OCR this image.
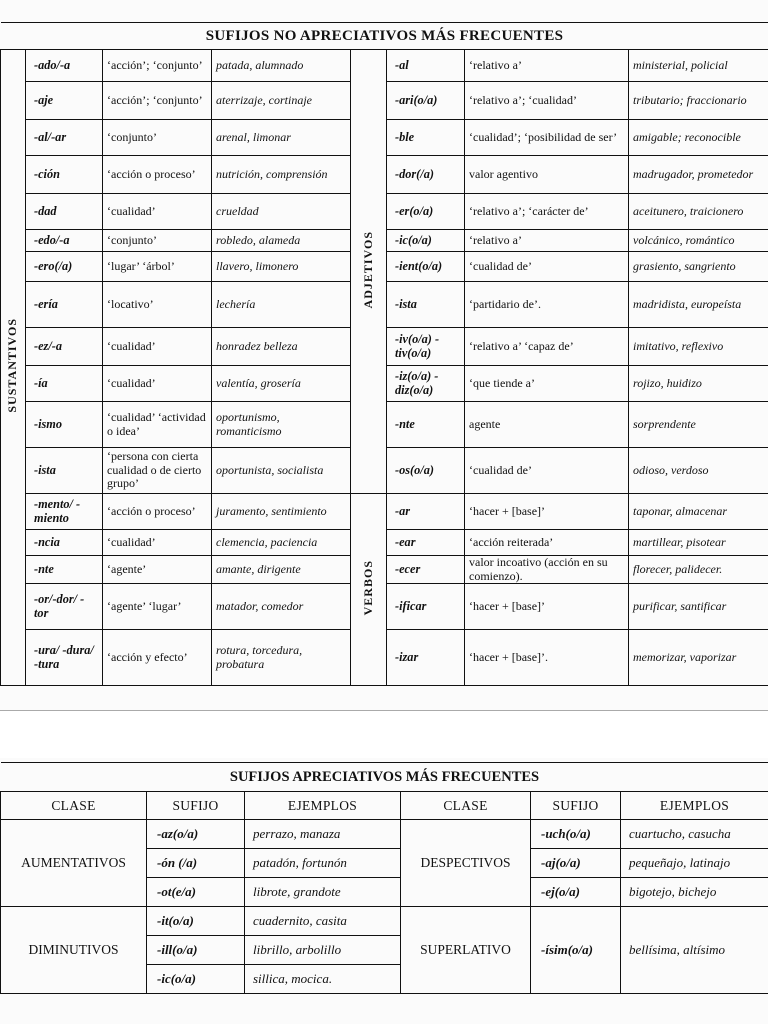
SUFIJOS NO APRECIATIVOS MÁS FRECUENTES							
SUSTANTIVOS	-ado/-a	‘acción’; ‘conjunto’	patada, alumnado	ADJETIVOS	-al	‘relativo a’	ministerial, policial
	-aje	‘acción’; ‘conjunto’	aterrizaje, cortinaje		-ari(o/a)	‘relativo a’; ‘cualidad’	tributario; fraccionario
	-al/-ar	‘conjunto’	arenal, limonar		-ble	‘cualidad’; ‘posibilidad de ser’	amigable; reconocible
	-ción	‘acción o proceso’	nutrición, comprensión		-dor(/a)	valor agentivo	madrugador, prometedor
	-dad	‘cualidad’	crueldad		-er(o/a)	‘relativo a’; ‘carácter de’	aceitunero, traicionero
	-edo/-a	‘conjunto’	robledo, alameda		-ic(o/a)	‘relativo a’	volcánico, romántico
	-ero(/a)	‘lugar’ ‘árbol’	llavero, limonero		-ient(o/a)	‘cualidad de’	grasiento, sangriento
	-ería	‘locativo’	lechería		-ista	‘partidario de’.	madridista, europeísta
	-ez/-a	‘cualidad’	honradez belleza		-iv(o/a) -tiv(o/a)	‘relativo a’ ‘capaz de’	imitativo, reflexivo
	-ía	‘cualidad’	valentía, grosería		-iz(o/a) -diz(o/a)	‘que tiende a’	rojizo, huidizo
	-ismo	‘cualidad’ ‘actividad o idea’	oportunismo, romanticismo		-nte	agente	sorprendente
	-ista	‘persona con cierta cualidad o de cierto grupo’	oportunista, socialista		-os(o/a)	‘cualidad de’	odioso, verdoso
	-mento/ -miento	‘acción o proceso’	juramento, sentimiento	VERBOS	-ar	‘hacer + [base]’	taponar, almacenar
	-ncia	‘cualidad’	clemencia, paciencia		-ear	‘acción reiterada’	martillear, pisotear
	-nte	‘agente’	amante, dirigente		-ecer	valor incoativo (acción en su comienzo).	florecer, palidecer.
	-or/-dor/ -tor	‘agente’ ‘lugar’	matador, comedor		-ificar	‘hacer + [base]’	purificar, santificar
	-ura/ -dura/ -tura	‘acción y efecto’	rotura, torcedura, probatura		-izar	‘hacer + [base]’.	memorizar, vaporizar
SUFIJOS APRECIATIVOS MÁS FRECUENTES					
CLASE	SUFIJO	EJEMPLOS	CLASE	SUFIJO	EJEMPLOS
AUMENTATIVOS	-az(o/a)	perrazo, manaza	DESPECTIVOS	-uch(o/a)	cuartucho, casucha
	-ón (/a)	patadón, fortunón		-aj(o/a)	pequeñajo, latinajo
	-ot(e/a)	librote, grandote		-ej(o/a)	bigotejo, bichejo
DIMINUTIVOS	-it(o/a)	cuadernito, casita	SUPERLATIVO	-ísim(o/a)	bellísima, altísimo
	-ill(o/a)	librillo, arbolillo			
	-ic(o/a)	sillica, mocica.			
